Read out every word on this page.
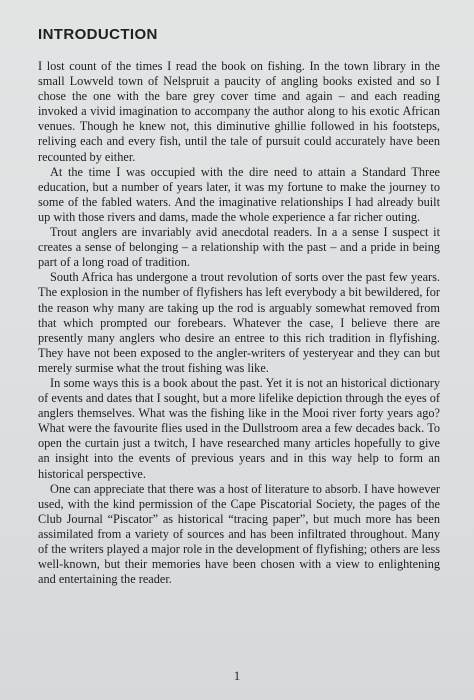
INTRODUCTION

I lost count of the times I read the book on fishing. In the town library in the small Lowveld town of Nelspruit a paucity of angling books existed and so I chose the one with the bare grey cover time and again – and each reading invoked a vivid imagination to accompany the author along to his exotic African venues. Though he knew not, this diminutive ghillie followed in his footsteps, reliving each and every fish, until the tale of pursuit could accurately have been recounted by either.

At the time I was occupied with the dire need to attain a Standard Three education, but a number of years later, it was my fortune to make the journey to some of the fabled waters. And the imaginative relationships I had already built up with those rivers and dams, made the whole experience a far richer outing.

Trout anglers are invariably avid anecdotal readers. In a a sense I suspect it creates a sense of belonging – a relationship with the past – and a pride in being part of a long road of tradition.

South Africa has undergone a trout revolution of sorts over the past few years. The explosion in the number of flyfishers has left everybody a bit bewildered, for the reason why many are taking up the rod is arguably somewhat removed from that which prompted our forebears. Whatever the case, I believe there are presently many anglers who desire an entree to this rich tradition in flyfishing. They have not been exposed to the angler-writers of yesteryear and they can but merely surmise what the trout fishing was like.

In some ways this is a book about the past. Yet it is not an historical dictionary of events and dates that I sought, but a more lifelike depiction through the eyes of anglers themselves. What was the fishing like in the Mooi river forty years ago? What were the favourite flies used in the Dullstroom area a few decades back. To open the curtain just a twitch, I have researched many articles hopefully to give an insight into the events of previous years and in this way help to form an historical perspective.

One can appreciate that there was a host of literature to absorb. I have however used, with the kind permission of the Cape Piscatorial Society, the pages of the Club Journal “Piscator” as historical “tracing paper”, but much more has been assimilated from a variety of sources and has been infiltrated throughout. Many of the writers played a major role in the development of flyfishing; others are less well-known, but their memories have been chosen with a view to enlightening and entertaining the reader.

1
